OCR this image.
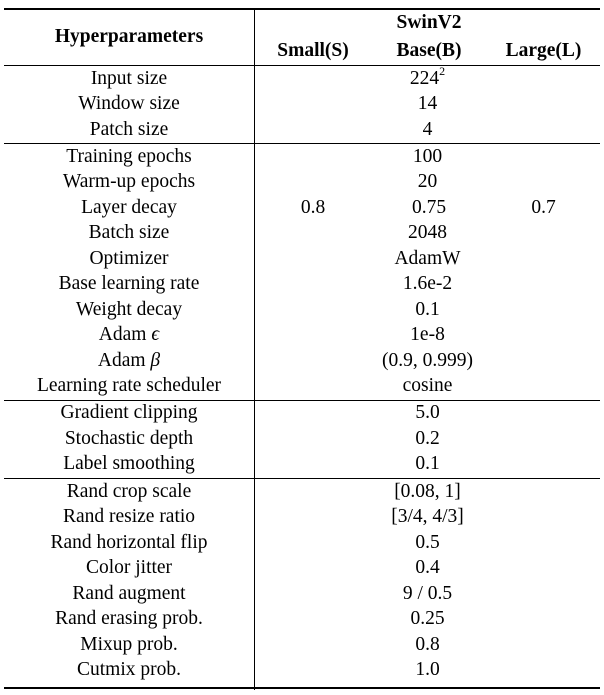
Hyperparameters
SwinV2
Small(S)	Base(B)	Large(L)
Input size	$224^2$
Window size	14
Patch size	4
Training epochs	100
Warm-up epochs	20
Layer decay	0.8	0.75	0.7
Batch size	2048
Optimizer	AdamW
Base learning rate	1.6e-2
Weight decay	0.1
Adam ϵ	1e-8
Adam β	(0.9, 0.999)
Learning rate scheduler	cosine
Gradient clipping	5.0
Stochastic depth	0.2
Label smoothing	0.1
Rand crop scale	[0.08, 1]
Rand resize ratio	[3/4, 4/3]
Rand horizontal flip	0.5
Color jitter	0.4
Rand augment	9 / 0.5
Rand erasing prob.	0.25
Mixup prob.	0.8
Cutmix prob.	1.0
